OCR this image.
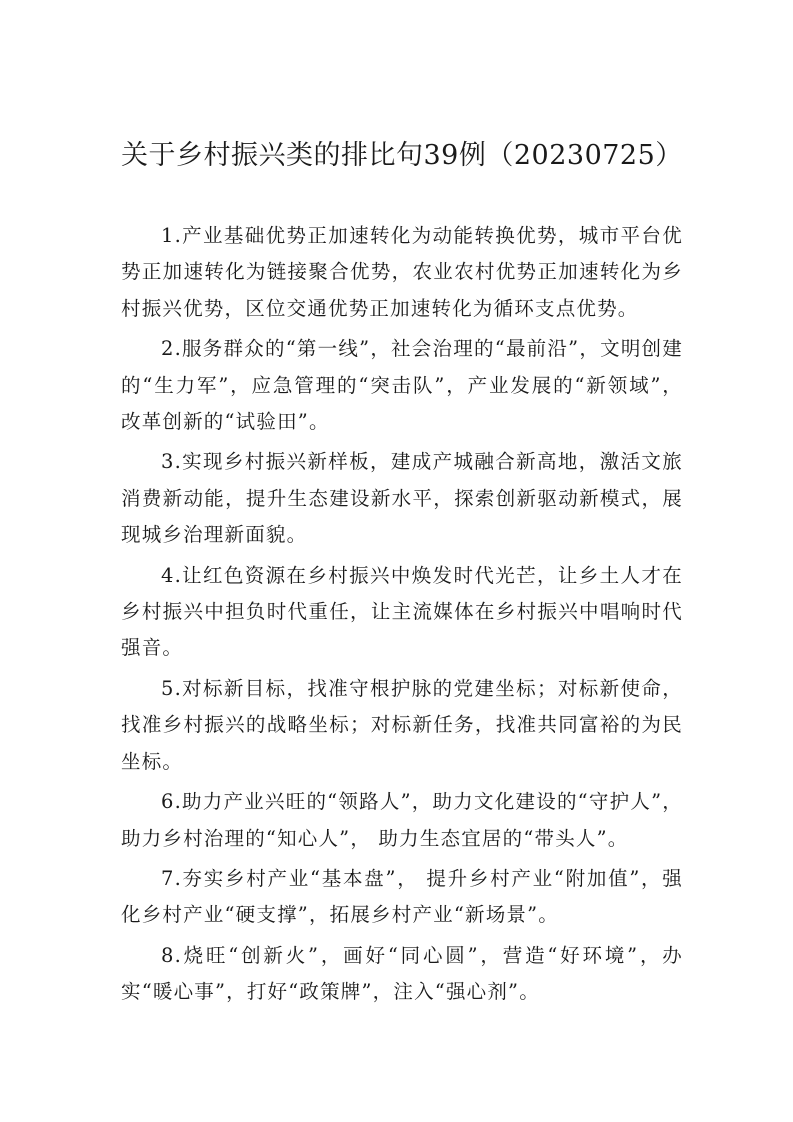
关于乡村振兴类的排比句39例（20230725）

1.产业基础优势正加速转化为动能转换优势，城市平台优势正加速转化为链接聚合优势，农业农村优势正加速转化为乡村振兴优势，区位交通优势正加速转化为循环支点优势。

2.服务群众的“第一线”，社会治理的“最前沿”，文明创建的“生力军”，应急管理的“突击队”，产业发展的“新领域”，改革创新的“试验田”。

3.实现乡村振兴新样板，建成产城融合新高地，激活文旅消费新动能，提升生态建设新水平，探索创新驱动新模式，展现城乡治理新面貌。

4.让红色资源在乡村振兴中焕发时代光芒，让乡土人才在乡村振兴中担负时代重任，让主流媒体在乡村振兴中唱响时代强音。

5.对标新目标，找准守根护脉的党建坐标；对标新使命，找准乡村振兴的战略坐标；对标新任务，找准共同富裕的为民坐标。

6.助力产业兴旺的“领路人”，助力文化建设的“守护人”，助力乡村治理的“知心人”， 助力生态宜居的“带头人”。

7.夯实乡村产业“基本盘”， 提升乡村产业“附加值”，强化乡村产业“硬支撑”，拓展乡村产业“新场景”。

8.烧旺“创新火”，画好“同心圆”，营造“好环境”，办实“暖心事”，打好“政策牌”，注入“强心剂”。
